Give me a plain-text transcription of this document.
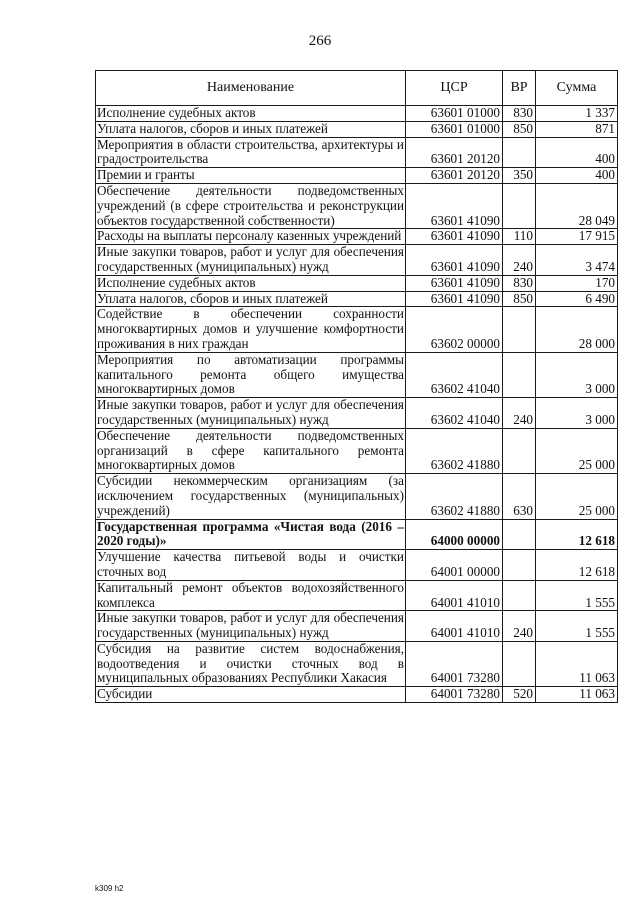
266
Наименование	ЦСР	ВР	Сумма
Исполнение судебных актов	63601 01000	830	1 337
Уплата налогов, сборов и иных платежей	63601 01000	850	871
Мероприятия в области строительства, архитектуры и градостроительства	63601 20120		400
Премии и гранты	63601 20120	350	400
Обеспечение деятельности подведомственных учреждений (в сфере строительства и реконструкции объектов государственной собственности)	63601 41090		28 049
Расходы на выплаты персоналу казенных учреждений	63601 41090	110	17 915
Иные закупки товаров, работ и услуг для обеспечения государственных (муниципальных) нужд	63601 41090	240	3 474
Исполнение судебных актов	63601 41090	830	170
Уплата налогов, сборов и иных платежей	63601 41090	850	6 490
Содействие в обеспечении сохранности многоквартирных домов и улучшение комфортности проживания в них граждан	63602 00000		28 000
Мероприятия по автоматизации программы капитального ремонта общего имущества многоквартирных домов	63602 41040		3 000
Иные закупки товаров, работ и услуг для обеспечения государственных (муниципальных) нужд	63602 41040	240	3 000
Обеспечение деятельности подведомственных организаций в сфере капитального ремонта многоквартирных домов	63602 41880		25 000
Субсидии некоммерческим организациям (за исключением государственных (муниципальных) учреждений)	63602 41880	630	25 000
Государственная программа «Чистая вода (2016 – 2020 годы)»	64000 00000		12 618
Улучшение качества питьевой воды и очистки сточных вод	64001 00000		12 618
Капитальный ремонт объектов водохозяйственного комплекса	64001 41010		1 555
Иные закупки товаров, работ и услуг для обеспечения государственных (муниципальных) нужд	64001 41010	240	1 555
Субсидия на развитие систем водоснабжения, водоотведения и очистки сточных вод в муниципальных образованиях Республики Хакасия	64001 73280		11 063
Субсидии	64001 73280	520	11 063
k309 h2
